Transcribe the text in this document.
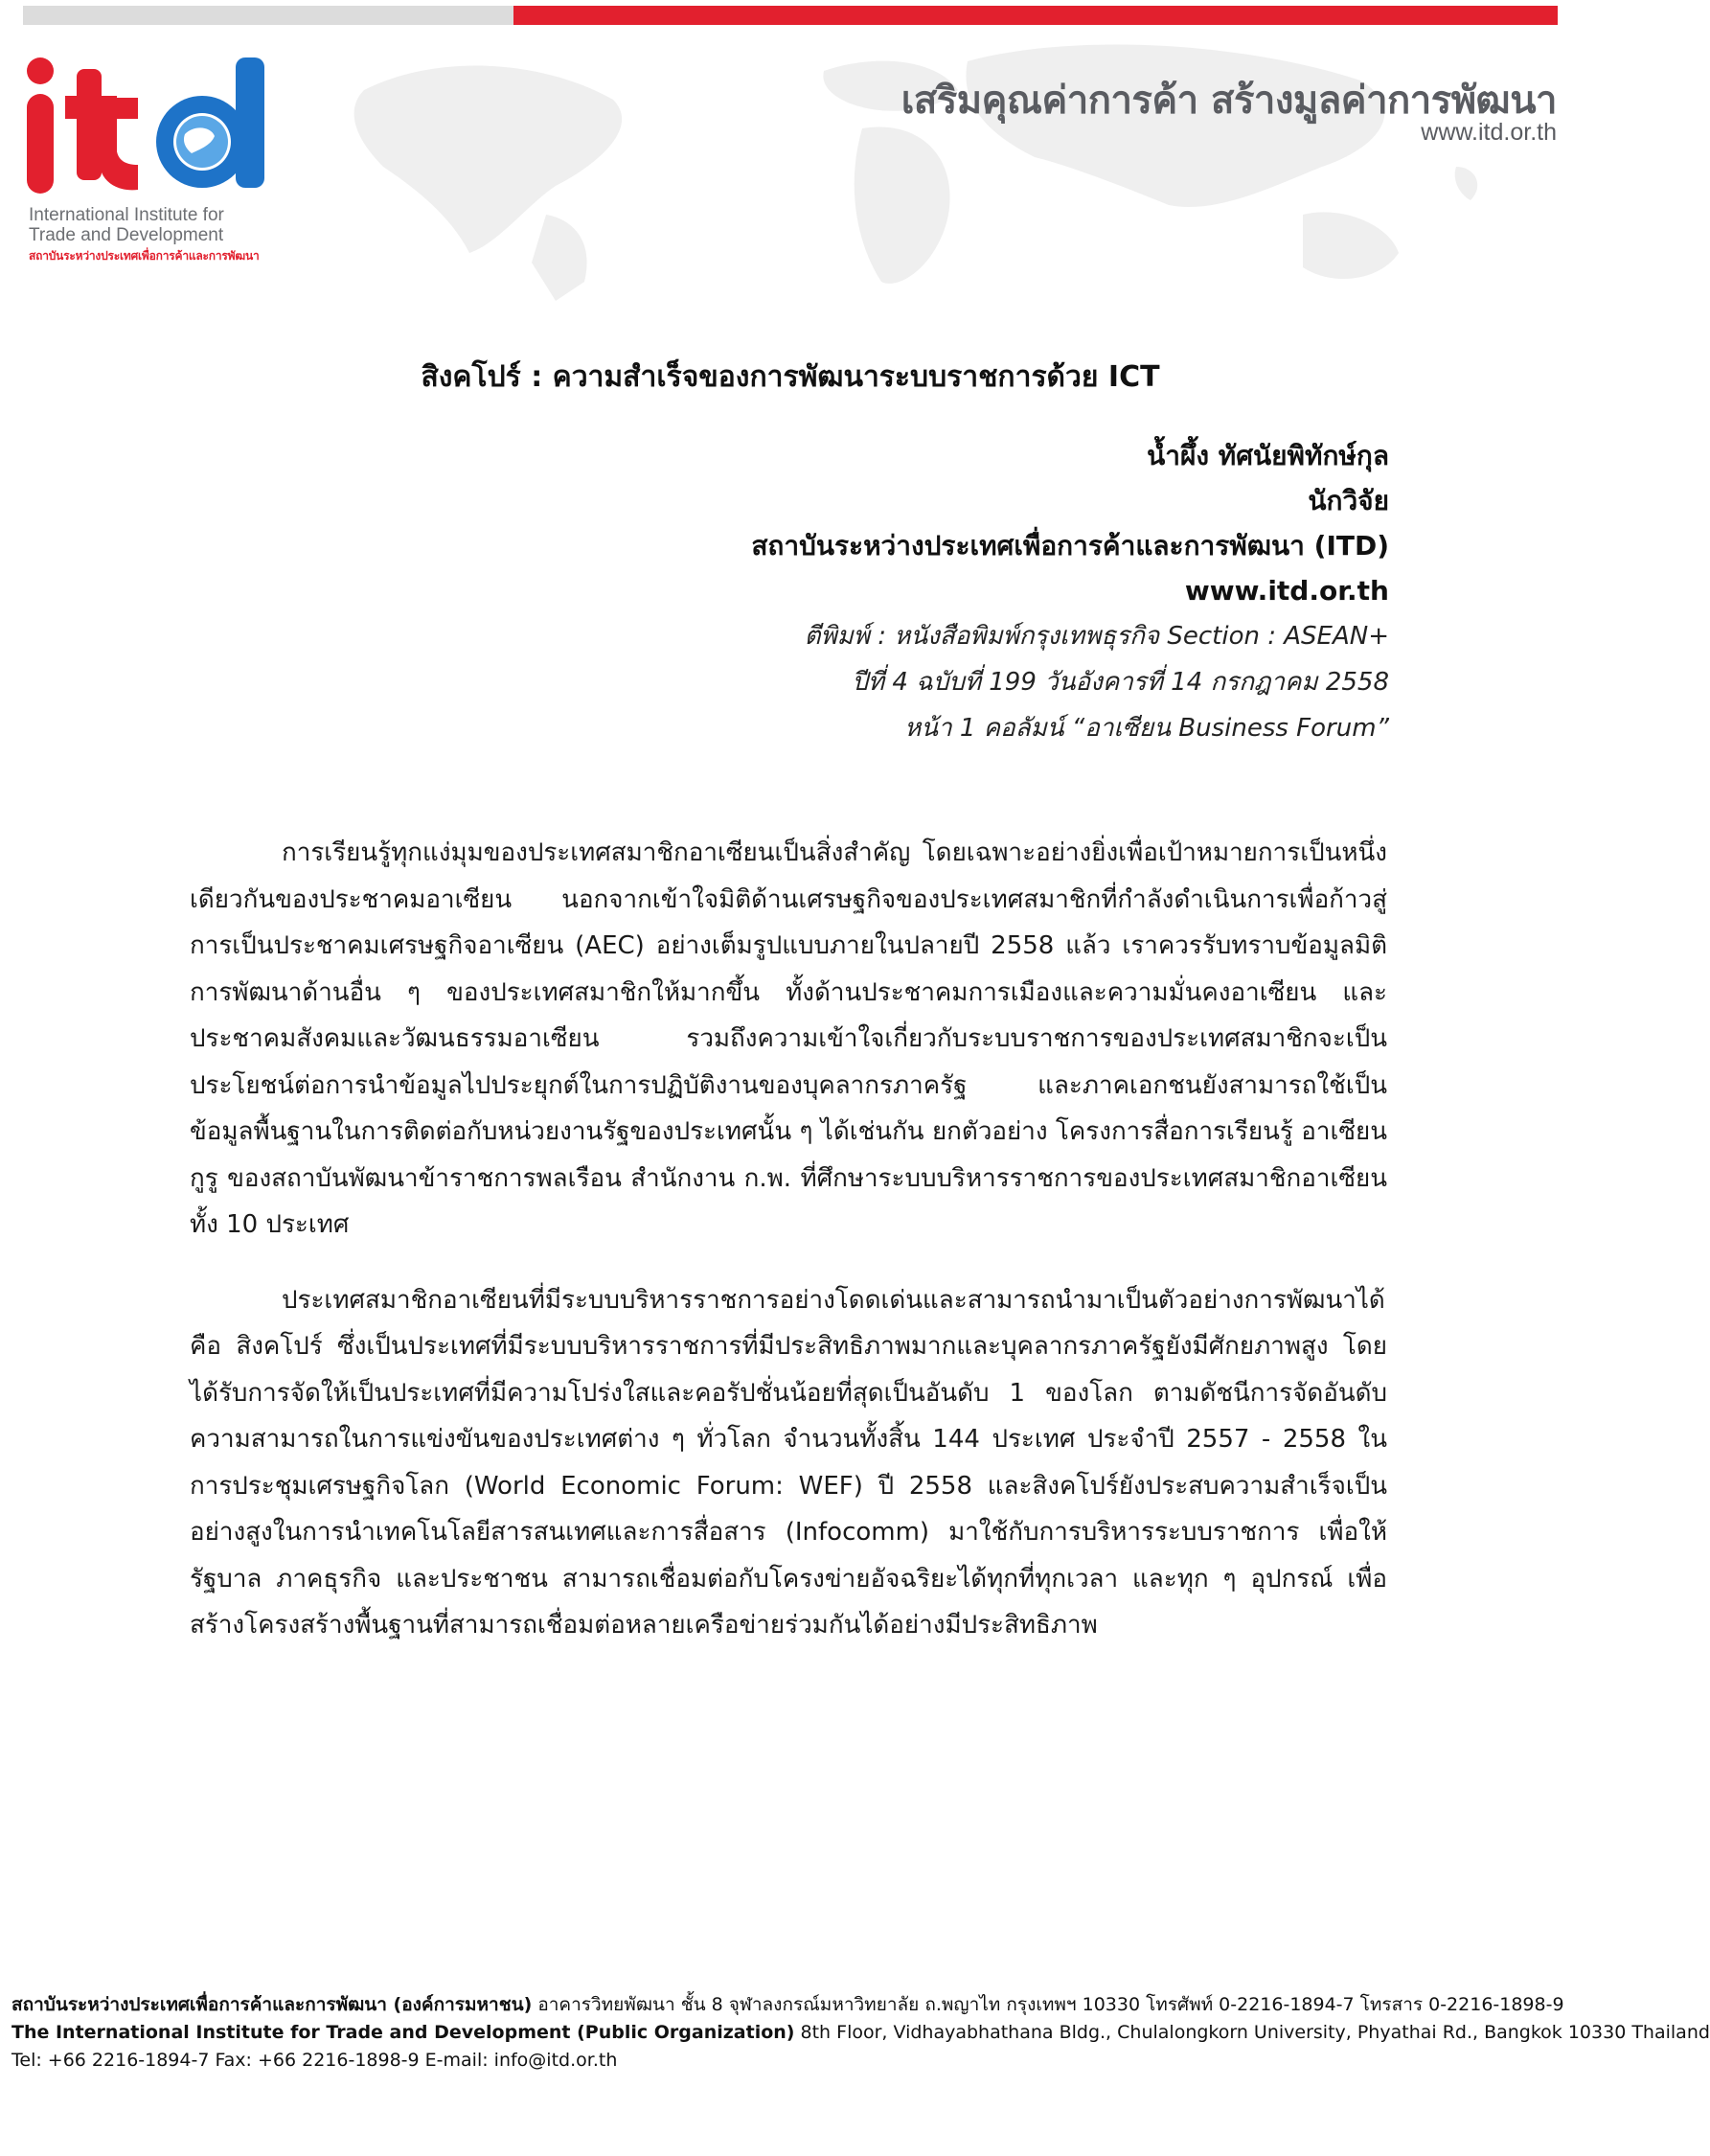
International Institute for
Trade and Development
สถาบันระหว่างประเทศเพื่อการค้าและการพัฒนา
เสริมคุณค่าการค้า สร้างมูลค่าการพัฒนา
www.itd.or.th
สิงคโปร์ : ความสำเร็จของการพัฒนาระบบราชการด้วย ICT
น้ำผึ้ง ทัศนัยพิทักษ์กุล
นักวิจัย
สถาบันระหว่างประเทศเพื่อการค้าและการพัฒนา (ITD)
www.itd.or.th
ตีพิมพ์ : หนังสือพิมพ์กรุงเทพธุรกิจ Section : ASEAN+
ปีที่ 4 ฉบับที่ 199 วันอังคารที่ 14 กรกฎาคม 2558
หน้า 1 คอลัมน์ “อาเซียน Business Forum”

การเรียนรู้ทุกแง่มุมของประเทศสมาชิกอาเซียนเป็นสิ่งสำคัญ โดยเฉพาะอย่างยิ่งเพื่อเป้าหมายการเป็นหนึ่งเดียวกันของประชาคมอาเซียน นอกจากเข้าใจมิติด้านเศรษฐกิจของประเทศสมาชิกที่กำลังดำเนินการเพื่อก้าวสู่การเป็นประชาคมเศรษฐกิจอาเซียน (AEC) อย่างเต็มรูปแบบภายในปลายปี 2558 แล้ว เราควรรับทราบข้อมูลมิติการพัฒนาด้านอื่น ๆ ของประเทศสมาชิกให้มากขึ้น ทั้งด้านประชาคมการเมืองและความมั่นคงอาเซียน และประชาคมสังคมและวัฒนธรรมอาเซียน รวมถึงความเข้าใจเกี่ยวกับระบบราชการของประเทศสมาชิกจะเป็นประโยชน์ต่อการนำข้อมูลไปประยุกต์ในการปฏิบัติงานของบุคลากรภาครัฐ และภาคเอกชนยังสามารถใช้เป็นข้อมูลพื้นฐานในการติดต่อกับหน่วยงานรัฐของประเทศนั้น ๆ ได้เช่นกัน ยกตัวอย่าง โครงการสื่อการเรียนรู้ อาเซียน กูรู ของสถาบันพัฒนาข้าราชการพลเรือน สำนักงาน ก.พ. ที่ศึกษาระบบบริหารราชการของประเทศสมาชิกอาเซียนทั้ง 10 ประเทศ

ประเทศสมาชิกอาเซียนที่มีระบบบริหารราชการอย่างโดดเด่นและสามารถนำมาเป็นตัวอย่างการพัฒนาได้ คือ สิงคโปร์ ซึ่งเป็นประเทศที่มีระบบบริหารราชการที่มีประสิทธิภาพมากและบุคลากรภาครัฐยังมีศักยภาพสูง โดยได้รับการจัดให้เป็นประเทศที่มีความโปร่งใสและคอรัปชั่นน้อยที่สุดเป็นอันดับ 1 ของโลก ตามดัชนีการจัดอันดับความสามารถในการแข่งขันของประเทศต่าง ๆ ทั่วโลก จำนวนทั้งสิ้น 144 ประเทศ ประจำปี 2557 - 2558 ในการประชุมเศรษฐกิจโลก (World Economic Forum: WEF) ปี 2558 และสิงคโปร์ยังประสบความสำเร็จเป็นอย่างสูงในการนำเทคโนโลยีสารสนเทศและการสื่อสาร (Infocomm) มาใช้กับการบริหารระบบราชการ เพื่อให้รัฐบาล ภาคธุรกิจ และประชาชน สามารถเชื่อมต่อกับโครงข่ายอัจฉริยะได้ทุกที่ทุกเวลา และทุก ๆ อุปกรณ์ เพื่อสร้างโครงสร้างพื้นฐานที่สามารถเชื่อมต่อหลายเครือข่ายร่วมกันได้อย่างมีประสิทธิภาพ

สถาบันระหว่างประเทศเพื่อการค้าและการพัฒนา (องค์การมหาชน) อาคารวิทยพัฒนา ชั้น 8 จุฬาลงกรณ์มหาวิทยาลัย ถ.พญาไท กรุงเทพฯ 10330 โทรศัพท์ 0-2216-1894-7 โทรสาร 0-2216-1898-9
The International Institute for Trade and Development (Public Organization) 8th Floor, Vidhayabhathana Bldg., Chulalongkorn University, Phyathai Rd., Bangkok 10330 Thailand
Tel: +66 2216-1894-7 Fax: +66 2216-1898-9 E-mail: info@itd.or.th
